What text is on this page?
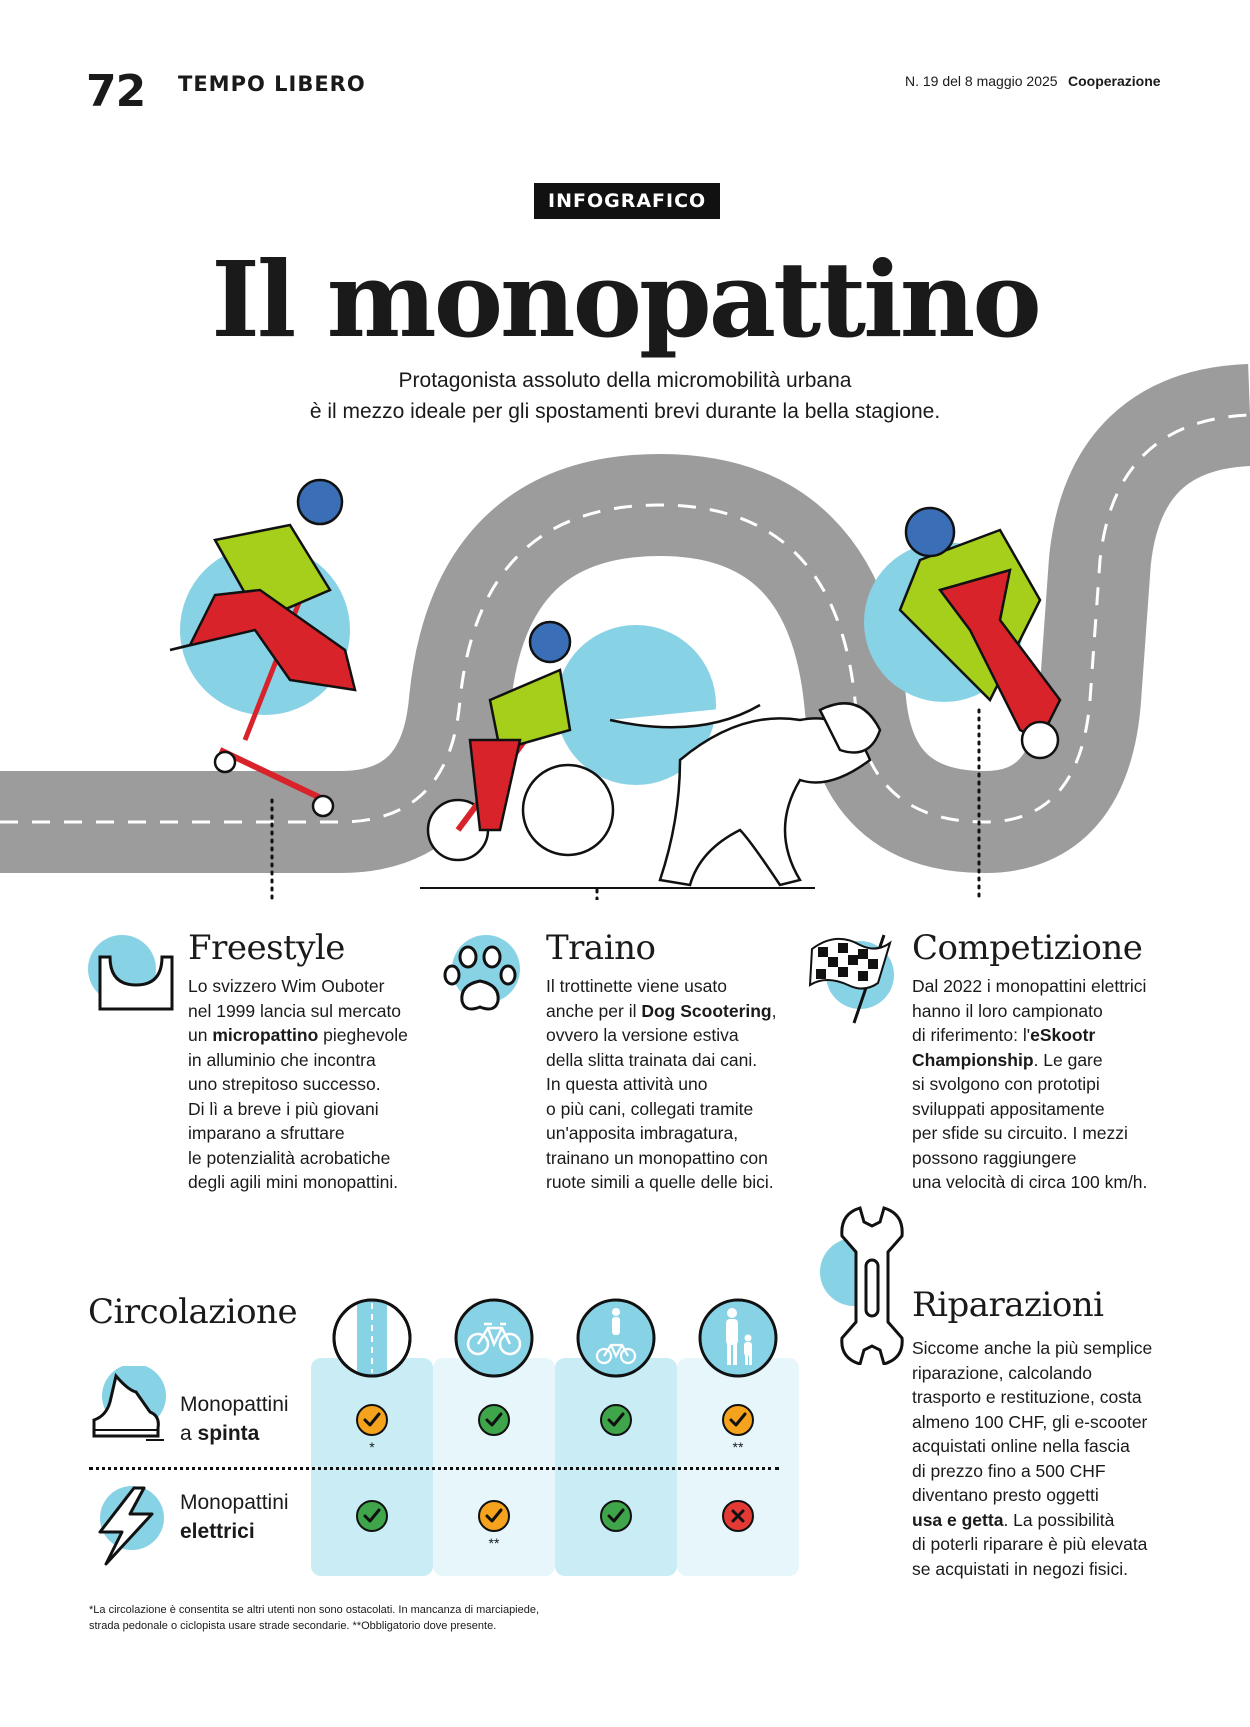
72 TEMPO LIBERO	N. 19 del 8 maggio 2025 Cooperazione
INFOGRAFICO
Il monopattino
Protagonista assoluto della micromobilità urbana
è il mezzo ideale per gli spostamenti brevi durante la bella stagione.
Freestyle
Lo svizzero Wim Ouboter
nel 1999 lancia sul mercato
un micropattino pieghevole
in alluminio che incontra
uno strepitoso successo.
Di lì a breve i più giovani
imparano a sfruttare
le potenzialità acrobatiche
degli agili mini monopattini.
Traino
Il trottinette viene usato
anche per il Dog Scootering,
ovvero la versione estiva
della slitta trainata dai cani.
In questa attività uno
o più cani, collegati tramite
un'apposita imbragatura,
trainano un monopattino con
ruote simili a quelle delle bici.
Competizione
Dal 2022 i monopattini elettrici
hanno il loro campionato
di riferimento: l'eSkootr
Championship. Le gare
si svolgono con prototipi
sviluppati appositamente
per sfide su circuito. I mezzi
possono raggiungere
una velocità di circa 100 km/h.
Riparazioni
Siccome anche la più semplice
riparazione, calcolando
trasporto e restituzione, costa
almeno 100 CHF, gli e-scooter
acquistati online nella fascia
di prezzo fino a 500 CHF
diventano presto oggetti
usa e getta. La possibilità
di poterli riparare è più elevata
se acquistati in negozi fisici.
Circolazione
Monopattini
a spinta
Monopattini
elettrici
*	**
**
*La circolazione è consentita se altri utenti non sono ostacolati. In mancanza di marciapiede,
strada pedonale o ciclopista usare strade secondarie. **Obbligatorio dove presente.
